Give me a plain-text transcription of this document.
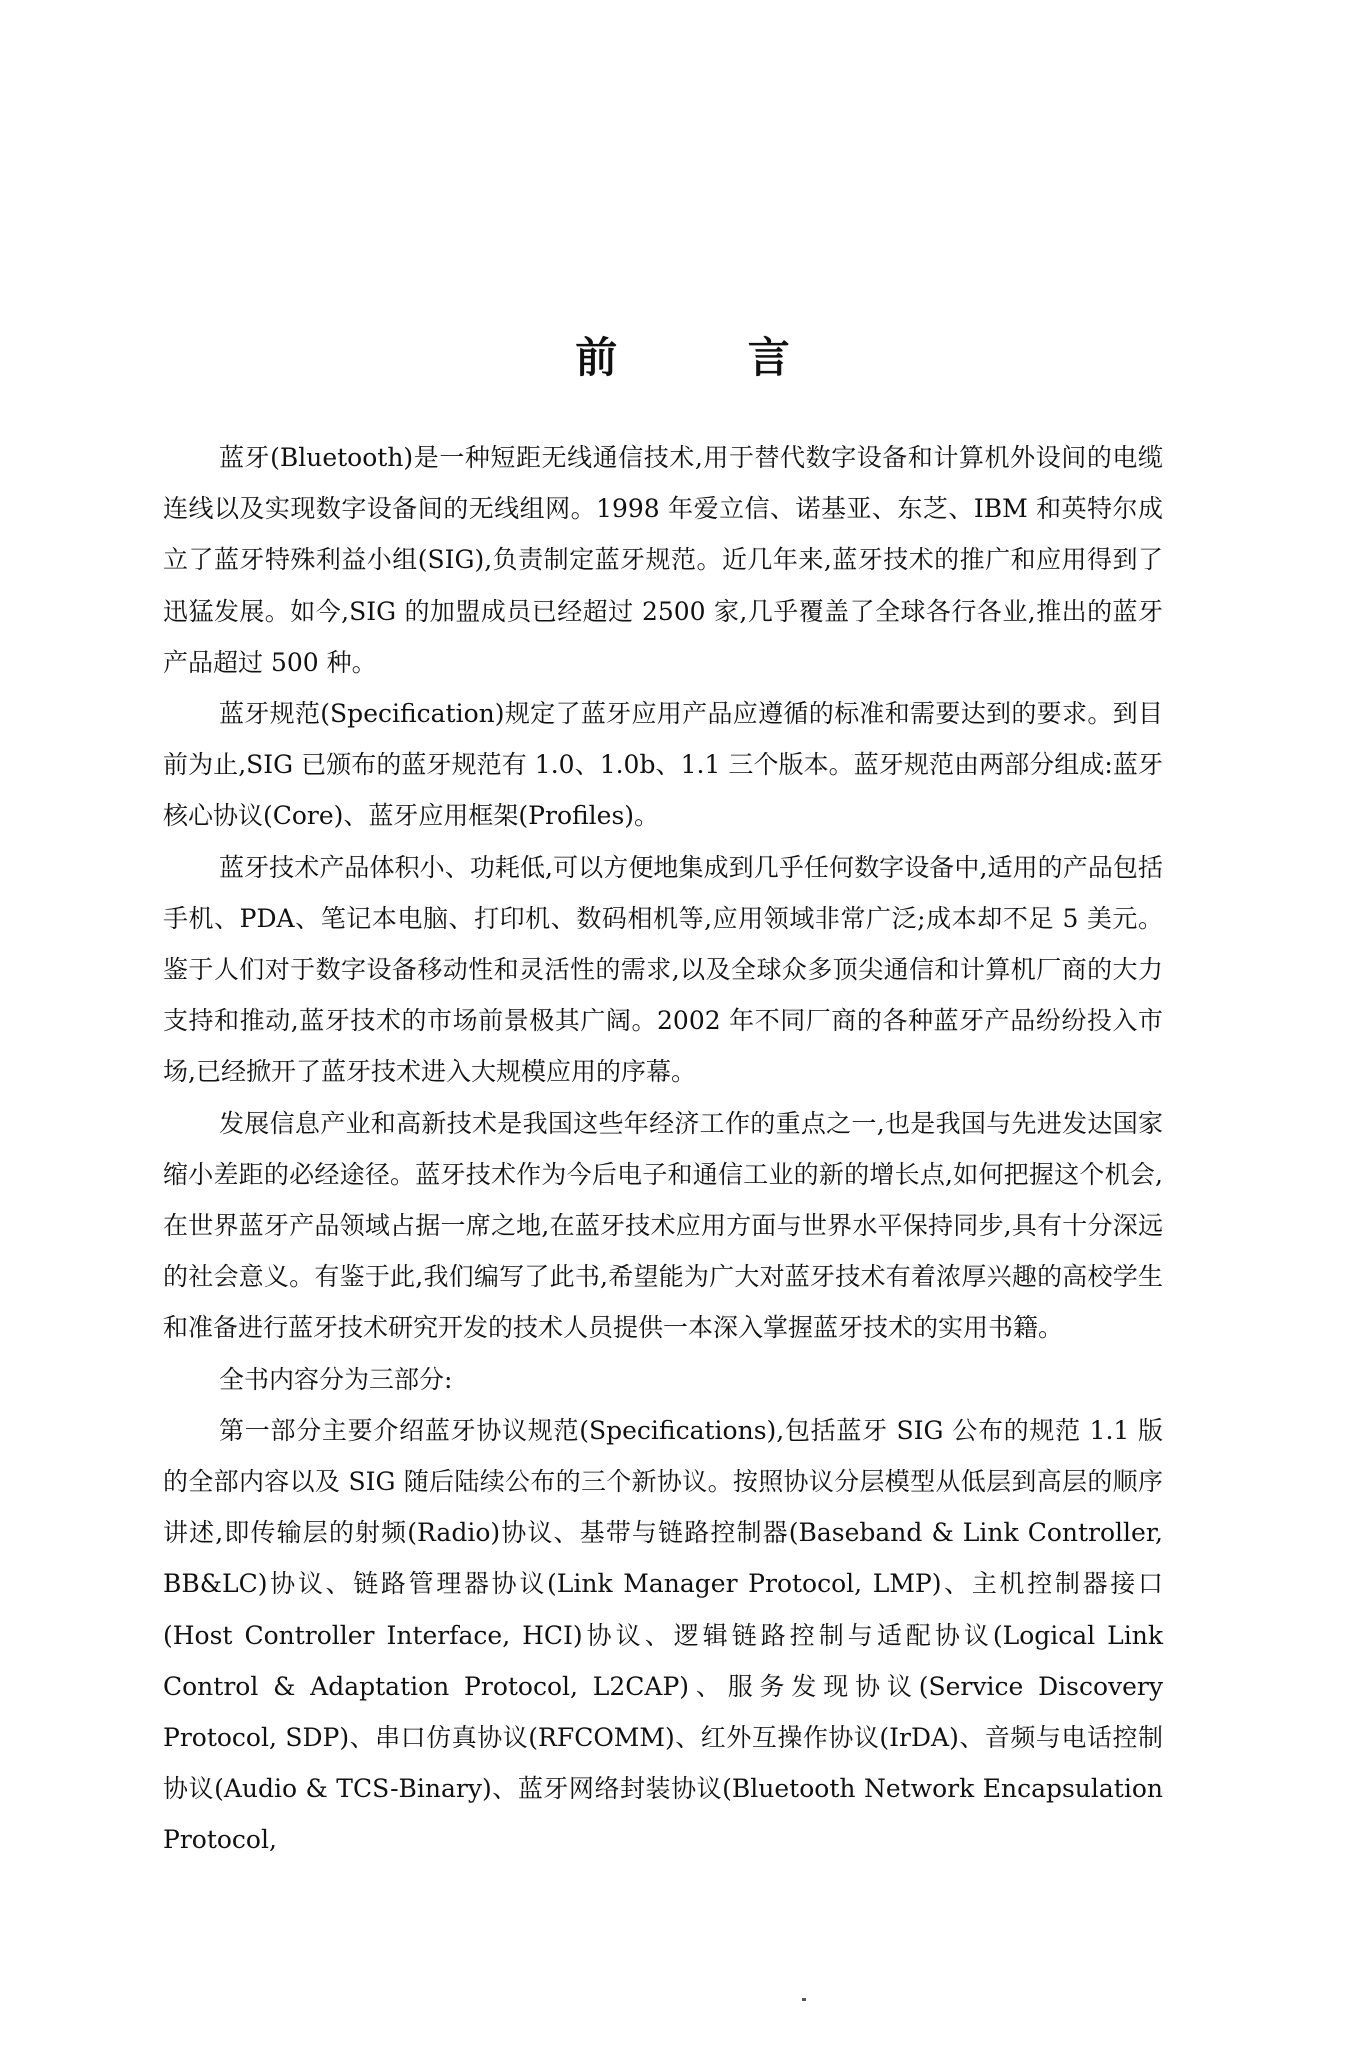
前 言

蓝牙(Bluetooth)是一种短距无线通信技术,用于替代数字设备和计算机外设间的电缆连线以及实现数字设备间的无线组网。1998 年爱立信、诺基亚、东芝、IBM 和英特尔成立了蓝牙特殊利益小组(SIG),负责制定蓝牙规范。近几年来,蓝牙技术的推广和应用得到了迅猛发展。如今,SIG 的加盟成员已经超过 2500 家,几乎覆盖了全球各行各业,推出的蓝牙产品超过 500 种。

蓝牙规范(Specification)规定了蓝牙应用产品应遵循的标准和需要达到的要求。到目前为止,SIG 已颁布的蓝牙规范有 1.0、1.0b、1.1 三个版本。蓝牙规范由两部分组成:蓝牙核心协议(Core)、蓝牙应用框架(Profiles)。

蓝牙技术产品体积小、功耗低,可以方便地集成到几乎任何数字设备中,适用的产品包括手机、PDA、笔记本电脑、打印机、数码相机等,应用领域非常广泛;成本却不足 5 美元。鉴于人们对于数字设备移动性和灵活性的需求,以及全球众多顶尖通信和计算机厂商的大力支持和推动,蓝牙技术的市场前景极其广阔。2002 年不同厂商的各种蓝牙产品纷纷投入市场,已经掀开了蓝牙技术进入大规模应用的序幕。

发展信息产业和高新技术是我国这些年经济工作的重点之一,也是我国与先进发达国家缩小差距的必经途径。蓝牙技术作为今后电子和通信工业的新的增长点,如何把握这个机会,在世界蓝牙产品领域占据一席之地,在蓝牙技术应用方面与世界水平保持同步,具有十分深远的社会意义。有鉴于此,我们编写了此书,希望能为广大对蓝牙技术有着浓厚兴趣的高校学生和准备进行蓝牙技术研究开发的技术人员提供一本深入掌握蓝牙技术的实用书籍。

全书内容分为三部分:

第一部分主要介绍蓝牙协议规范(Specifications),包括蓝牙 SIG 公布的规范 1.1 版的全部内容以及 SIG 随后陆续公布的三个新协议。按照协议分层模型从低层到高层的顺序讲述,即传输层的射频(Radio)协议、基带与链路控制器(Baseband & Link Controller, BB&LC)协议、链路管理器协议(Link Manager Protocol, LMP)、主机控制器接口(Host Controller Interface, HCI)协议、逻辑链路控制与适配协议(Logical Link Control & Adaptation Protocol, L2CAP)、服务发现协议(Service Discovery Protocol, SDP)、串口仿真协议(RFCOMM)、红外互操作协议(IrDA)、音频与电话控制协议(Audio & TCS-Binary)、蓝牙网络封装协议(Bluetooth Network Encapsulation Protocol,
